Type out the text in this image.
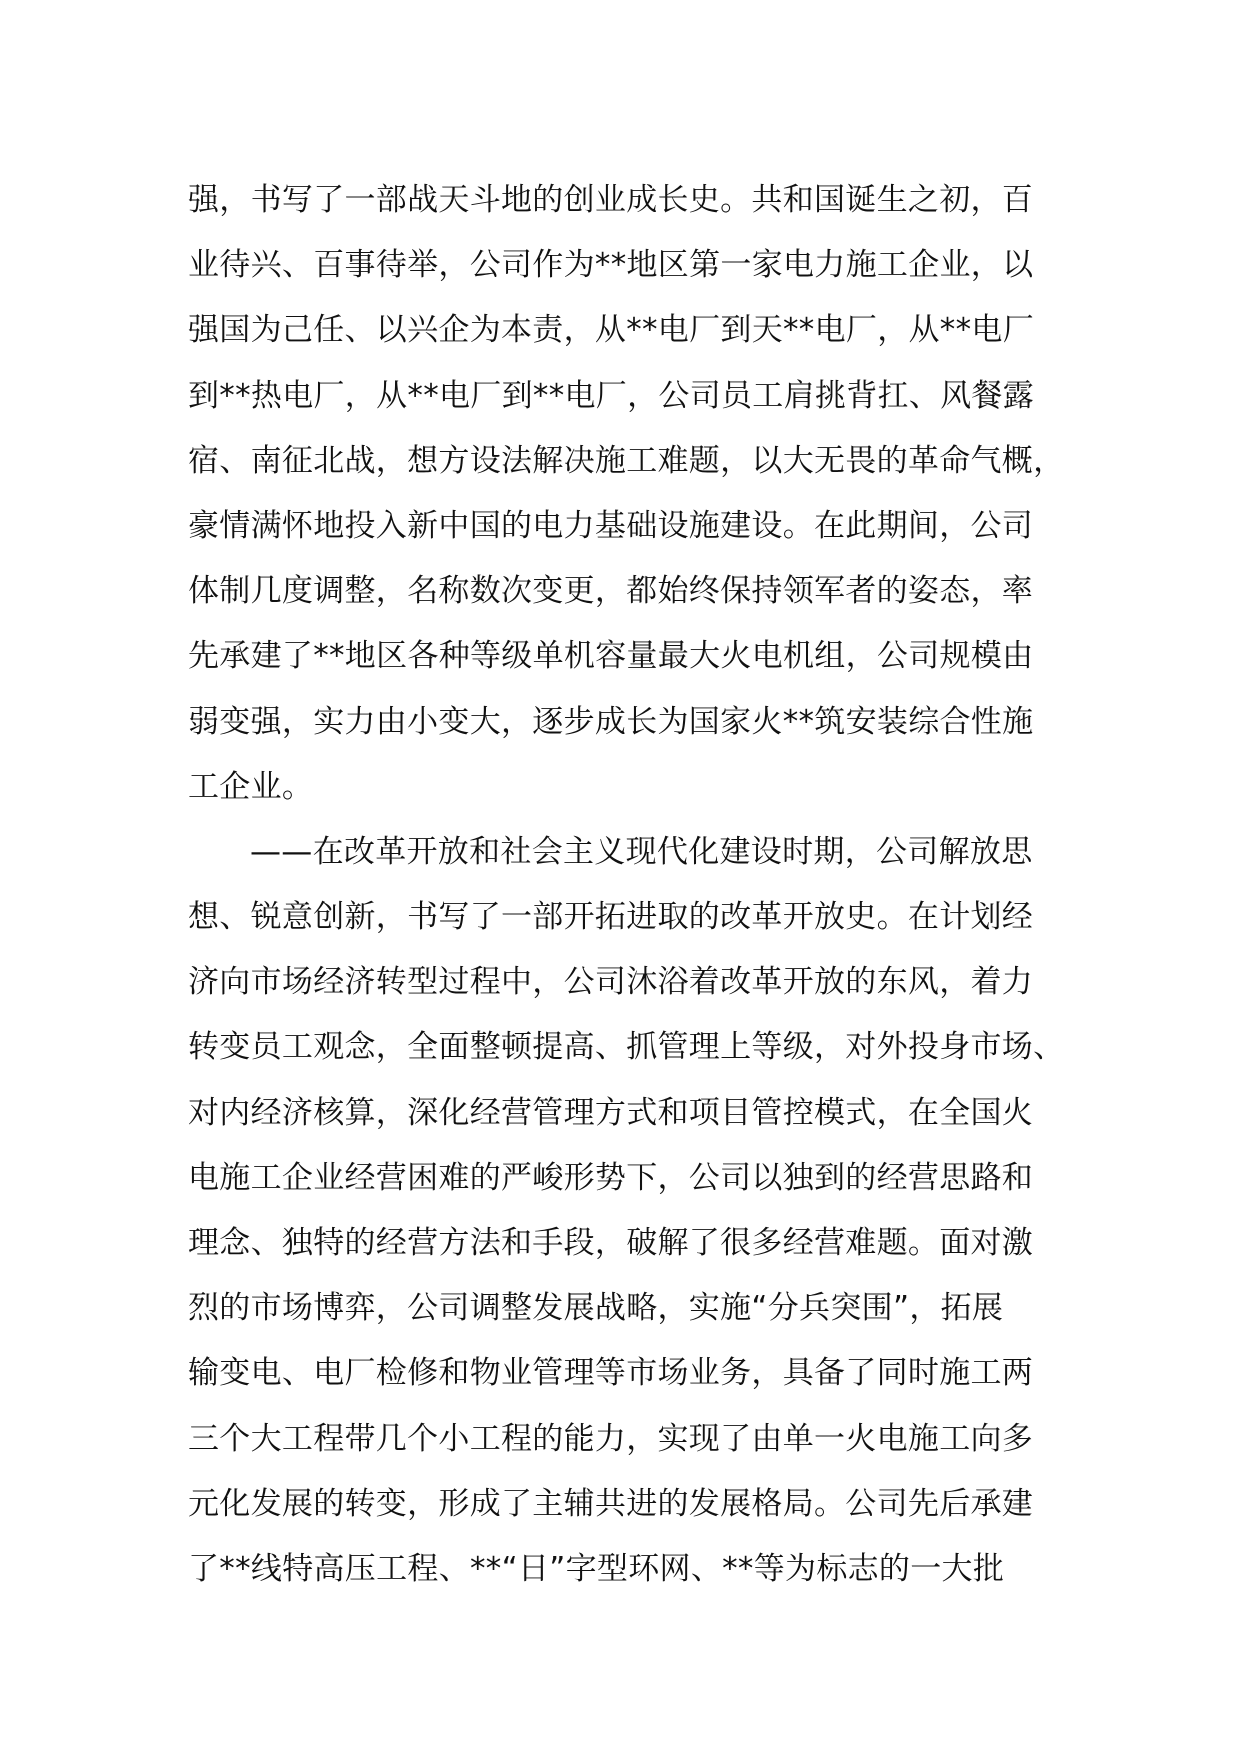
强，书写了一部战天斗地的创业成长史。共和国诞生之初，百
业待兴、百事待举，公司作为**地区第一家电力施工企业，以
强国为己任、以兴企为本责，从**电厂到天**电厂，从**电厂
到**热电厂，从**电厂到**电厂，公司员工肩挑背扛、风餐露
宿、南征北战，想方设法解决施工难题，以大无畏的革命气概，
豪情满怀地投入新中国的电力基础设施建设。在此期间，公司
体制几度调整，名称数次变更，都始终保持领军者的姿态，率
先承建了**地区各种等级单机容量最大火电机组，公司规模由
弱变强，实力由小变大，逐步成长为国家火**筑安装综合性施
工企业。
——在改革开放和社会主义现代化建设时期，公司解放思
想、锐意创新，书写了一部开拓进取的改革开放史。在计划经
济向市场经济转型过程中，公司沐浴着改革开放的东风，着力
转变员工观念，全面整顿提高、抓管理上等级，对外投身市场、
对内经济核算，深化经营管理方式和项目管控模式，在全国火
电施工企业经营困难的严峻形势下，公司以独到的经营思路和
理念、独特的经营方法和手段，破解了很多经营难题。面对激
烈的市场博弈，公司调整发展战略，实施“分兵突围”，拓展
输变电、电厂检修和物业管理等市场业务，具备了同时施工两
三个大工程带几个小工程的能力，实现了由单一火电施工向多
元化发展的转变，形成了主辅共进的发展格局。公司先后承建
了**线特高压工程、**“日”字型环网、**等为标志的一大批
